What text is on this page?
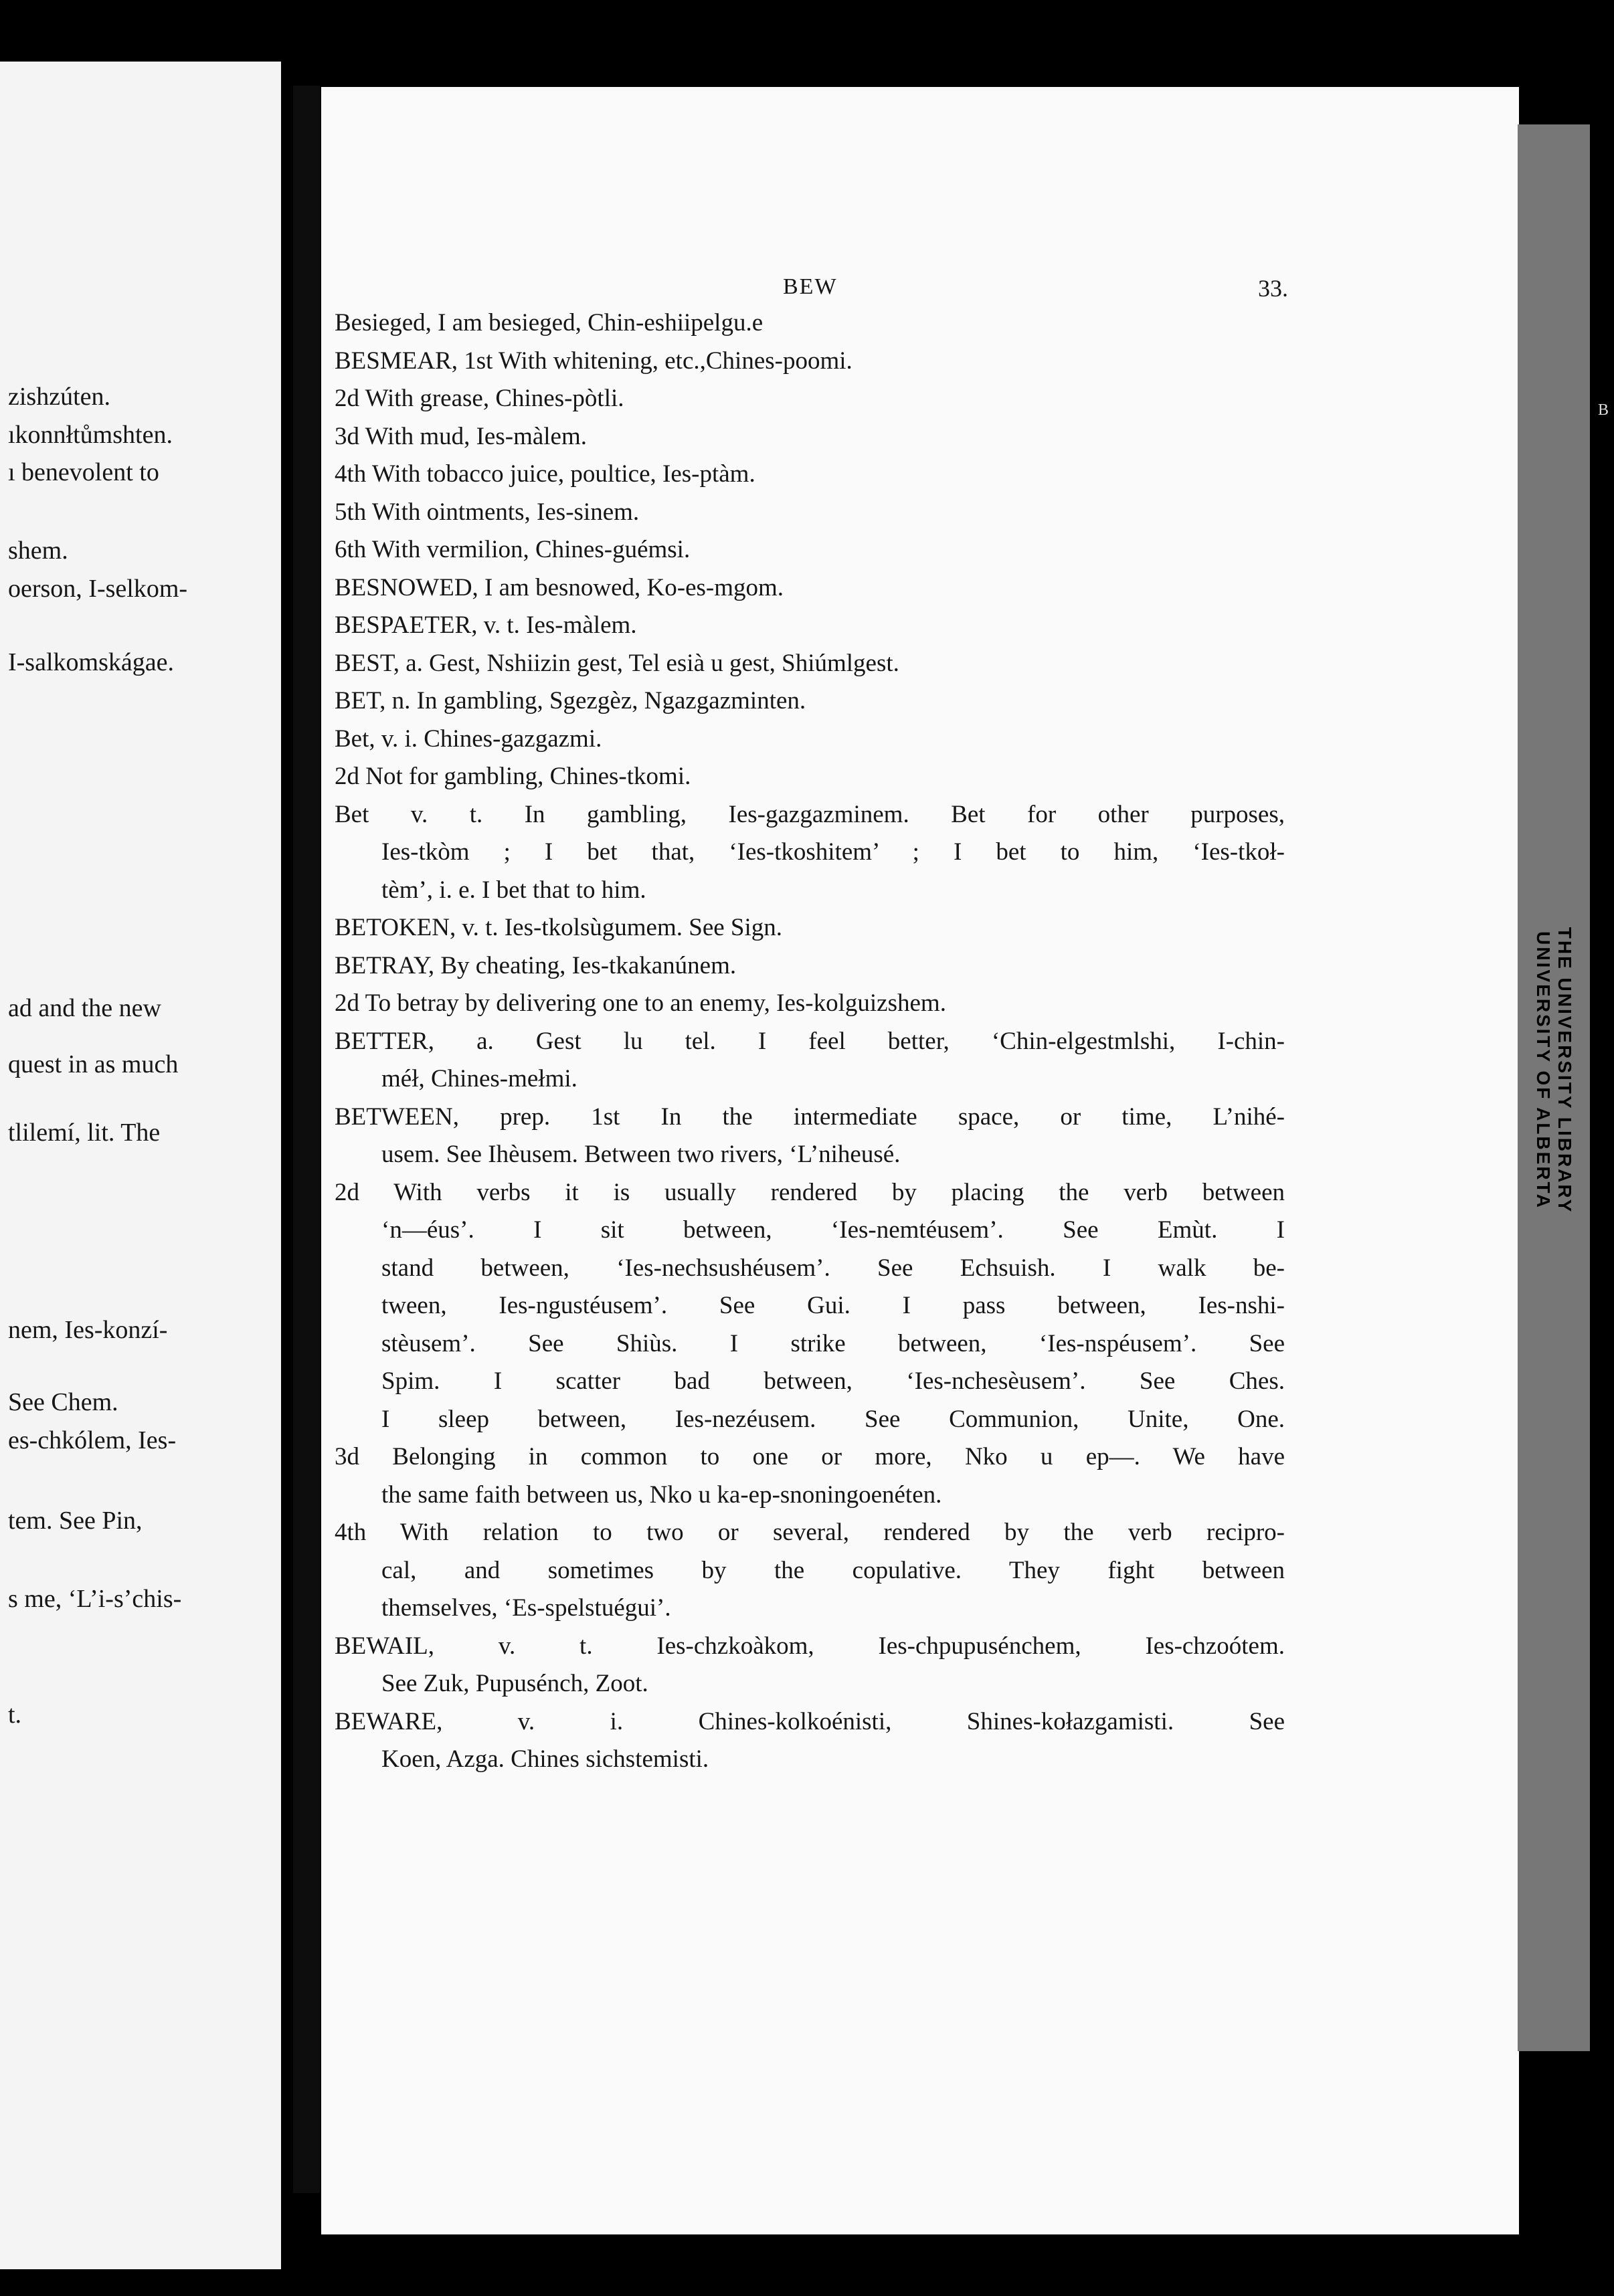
zishzúten.
ıkonnłtůmshten.
ı benevolent to
shem.
oerson, I-selkom-
I-salkomskágae.
ad and the new
quest in as much
tlilemí, lit. The
nem, Ies-konzí-
See Chem.
es-chkólem, Ies-
tem. See Pin,
s me, ‘L’i-s’chis-
t.
BEW	33.
Besieged, I am besieged, Chin-eshiipelgu.e
BESMEAR, 1st With whitening, etc.,Chines-poomi.
2d With grease, Chines-pòtli.
3d With mud, Ies-màlem.
4th With tobacco juice, poultice, Ies-ptàm.
5th With ointments, Ies-sinem.
6th With vermilion, Chines-guémsi.
BESNOWED, I am besnowed, Ko-es-mgom.
BESPAETER, v. t. Ies-màlem.
BEST, a. Gest, Nshiizin gest, Tel esià u gest, Shiúmlgest.
BET, n. In gambling, Sgezgèz, Ngazgazminten.
Bet, v. i. Chines-gazgazmi.
2d Not for gambling, Chines-tkomi.
Bet v. t. In gambling, Ies-gazgazminem. Bet for other purposes,
Ies-tkòm ; I bet that, ‘Ies-tkoshitem’ ; I bet to him, ‘Ies-tkoł-
tèm’, i. e. I bet that to him.
BETOKEN, v. t. Ies-tkolsùgumem. See Sign.
BETRAY, By cheating, Ies-tkakanúnem.
2d To betray by delivering one to an enemy, Ies-kolguizshem.
BETTER, a. Gest lu tel. I feel better, ‘Chin-elgestmlshi, I-chin-
méł, Chines-mełmi.
BETWEEN, prep. 1st In the intermediate space, or time, L’nihé-
usem. See Ihèusem. Between two rivers, ‘L’niheusé.
2d With verbs it is usually rendered by placing the verb between
‘n—éus’. I sit between, ‘Ies-nemtéusem’. See Emùt. I
stand between, ‘Ies-nechsushéusem’. See Echsuish. I walk be-
tween, Ies-ngustéusem’. See Gui. I pass between, Ies-nshi-
stèusem’. See Shiùs. I strike between, ‘Ies-nspéusem’. See
Spim. I scatter bad between, ‘Ies-nchesèusem’. See Ches.
I sleep between, Ies-nezéusem. See Communion, Unite, One.
3d Belonging in common to one or more, Nko u ep—. We have
the same faith between us, Nko u ka-ep-snoningoenéten.
4th With relation to two or several, rendered by the verb recipro-
cal, and sometimes by the copulative. They fight between
themselves, ‘Es-spelstuégui’.
BEWAIL, v. t. Ies-chzkoàkom, Ies-chpupusénchem, Ies-chzoótem.
See Zuk, Pupusénch, Zoot.
BEWARE, v. i. Chines-kolkoénisti, Shines-kołazgamisti. See
Koen, Azga. Chines sichstemisti.
THE UNIVERSITY LIBRARY
UNIVERSITY OF ALBERTA
B
